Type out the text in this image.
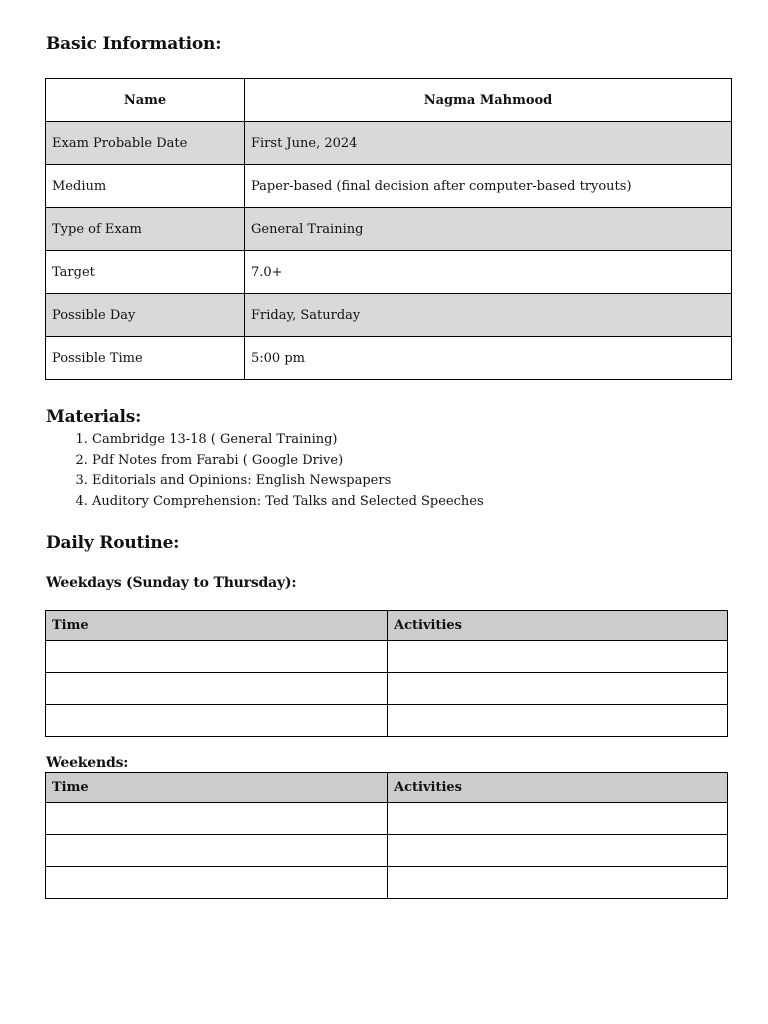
Basic Information:
Name	Nagma Mahmood
Exam Probable Date	First June, 2024
Medium	Paper-based (final decision after computer-based tryouts)
Type of Exam	General Training
Target	7.0+
Possible Day	Friday, Saturday
Possible Time	5:00 pm
Materials:
1. Cambridge 13-18 ( General Training)
2. Pdf Notes from Farabi ( Google Drive)
3. Editorials and Opinions: English Newspapers
4. Auditory Comprehension: Ted Talks and Selected Speeches
Daily Routine:
Weekdays (Sunday to Thursday):
Time	Activities

Weekends:
Time	Activities
